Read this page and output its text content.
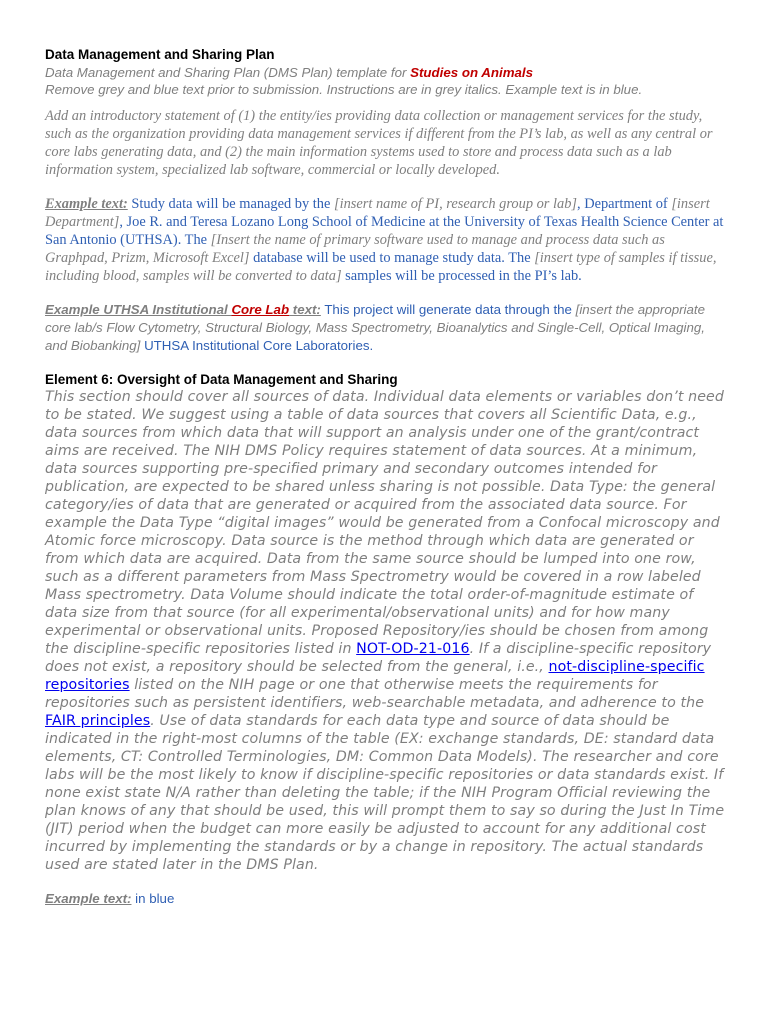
Data Management and Sharing Plan

Data Management and Sharing Plan (DMS Plan) template for Studies on Animals

Remove grey and blue text prior to submission. Instructions are in grey italics. Example text is in blue.

Add an introductory statement of (1) the entity/ies providing data collection or management services for the study, such as the organization providing data management services if different from the PI’s lab, as well as any central or core labs generating data, and (2) the main information systems used to store and process data such as a lab information system, specialized lab software, commercial or locally developed.

Example text: Study data will be managed by the [insert name of PI, research group or lab], Department of [insert Department], Joe R. and Teresa Lozano Long School of Medicine at the University of Texas Health Science Center at San Antonio (UTHSA). The [Insert the name of primary software used to manage and process data such as Graphpad, Prizm, Microsoft Excel] database will be used to manage study data. The [insert type of samples if tissue, including blood, samples will be converted to data] samples will be processed in the PI’s lab.

Example UTHSA Institutional Core Lab text: This project will generate data through the [insert the appropriate core lab/s Flow Cytometry, Structural Biology, Mass Spectrometry, Bioanalytics and Single-Cell, Optical Imaging, and Biobanking] UTHSA Institutional Core Laboratories.

Element 6: Oversight of Data Management and Sharing

This section should cover all sources of data. Individual data elements or variables don’t need to be stated. We suggest using a table of data sources that covers all Scientific Data, e.g., data sources from which data that will support an analysis under one of the grant/contract aims are received. The NIH DMS Policy requires statement of data sources. At a minimum, data sources supporting pre-specified primary and secondary outcomes intended for publication, are expected to be shared unless sharing is not possible. Data Type: the general category/ies of data that are generated or acquired from the associated data source. For example the Data Type “digital images” would be generated from a Confocal microscopy and Atomic force microscopy. Data source is the method through which data are generated or from which data are acquired. Data from the same source should be lumped into one row, such as a different parameters from Mass Spectrometry would be covered in a row labeled Mass spectrometry. Data Volume should indicate the total order-of-magnitude estimate of data size from that source (for all experimental/observational units) and for how many experimental or observational units. Proposed Repository/ies should be chosen from among the discipline-specific repositories listed in NOT-OD-21-016. If a discipline-specific repository does not exist, a repository should be selected from the general, i.e., not-discipline-specific repositories listed on the NIH page or one that otherwise meets the requirements for repositories such as persistent identifiers, web-searchable metadata, and adherence to the FAIR principles. Use of data standards for each data type and source of data should be indicated in the right-most columns of the table (EX: exchange standards, DE: standard data elements, CT: Controlled Terminologies, DM: Common Data Models). The researcher and core labs will be the most likely to know if discipline-specific repositories or data standards exist. If none exist state N/A rather than deleting the table; if the NIH Program Official reviewing the plan knows of any that should be used, this will prompt them to say so during the Just In Time (JIT) period when the budget can more easily be adjusted to account for any additional cost incurred by implementing the standards or by a change in repository. The actual standards used are stated later in the DMS Plan.

Example text: in blue
